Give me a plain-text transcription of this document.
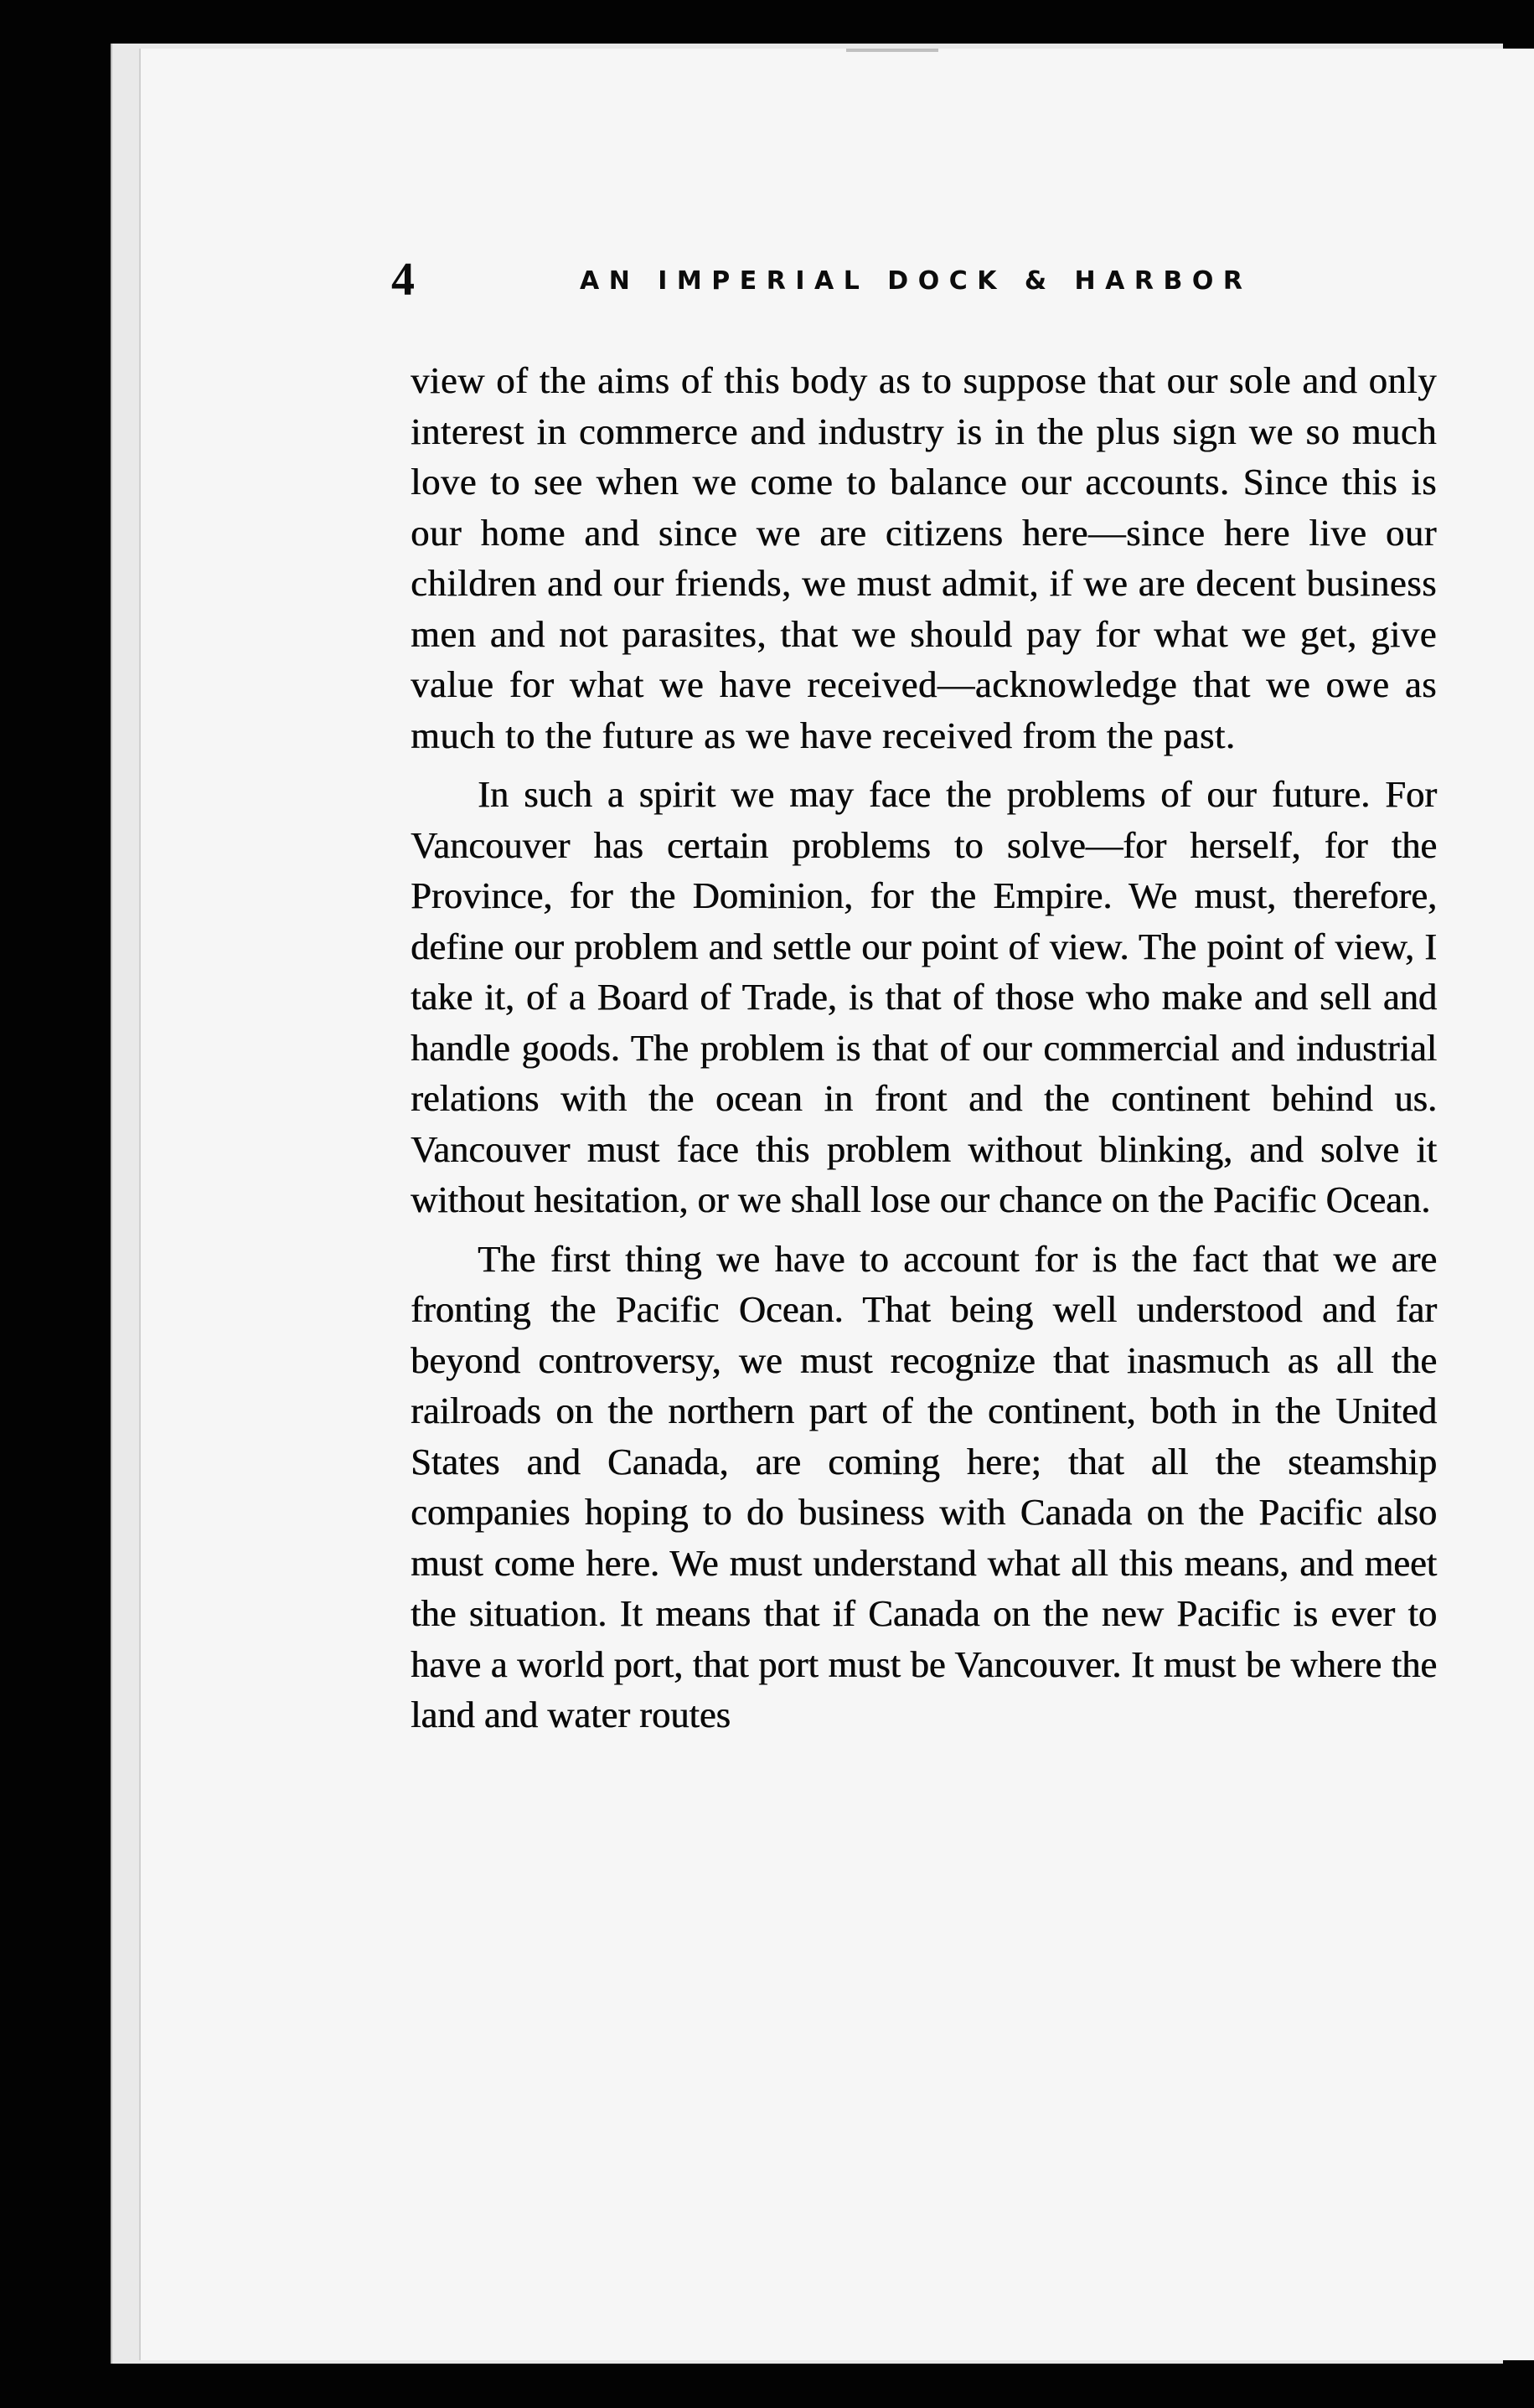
4	AN IMPERIAL DOCK & HARBOR

view of the aims of this body as to suppose that our sole and only interest in commerce and industry is in the plus sign we so much love to see when we come to balance our accounts. Since this is our home and since we are citizens here—since here live our children and our friends, we must admit, if we are decent business men and not parasites, that we should pay for what we get, give value for what we have received—acknowledge that we owe as much to the future as we have received from the past.

In such a spirit we may face the problems of our future. For Vancouver has certain problems to solve—for herself, for the Province, for the Dominion, for the Empire. We must, therefore, define our problem and settle our point of view. The point of view, I take it, of a Board of Trade, is that of those who make and sell and handle goods. The problem is that of our commercial and industrial relations with the ocean in front and the continent behind us. Vancouver must face this problem without blinking, and solve it without hesitation, or we shall lose our chance on the Pacific Ocean.

The first thing we have to account for is the fact that we are fronting the Pacific Ocean. That being well understood and far beyond controversy, we must recognize that inasmuch as all the railroads on the northern part of the continent, both in the United States and Canada, are coming here; that all the steamship companies hoping to do business with Canada on the Pacific also must come here. We must understand what all this means, and meet the situation. It means that if Canada on the new Pacific is ever to have a world port, that port must be Vancouver. It must be where the land and water routes
